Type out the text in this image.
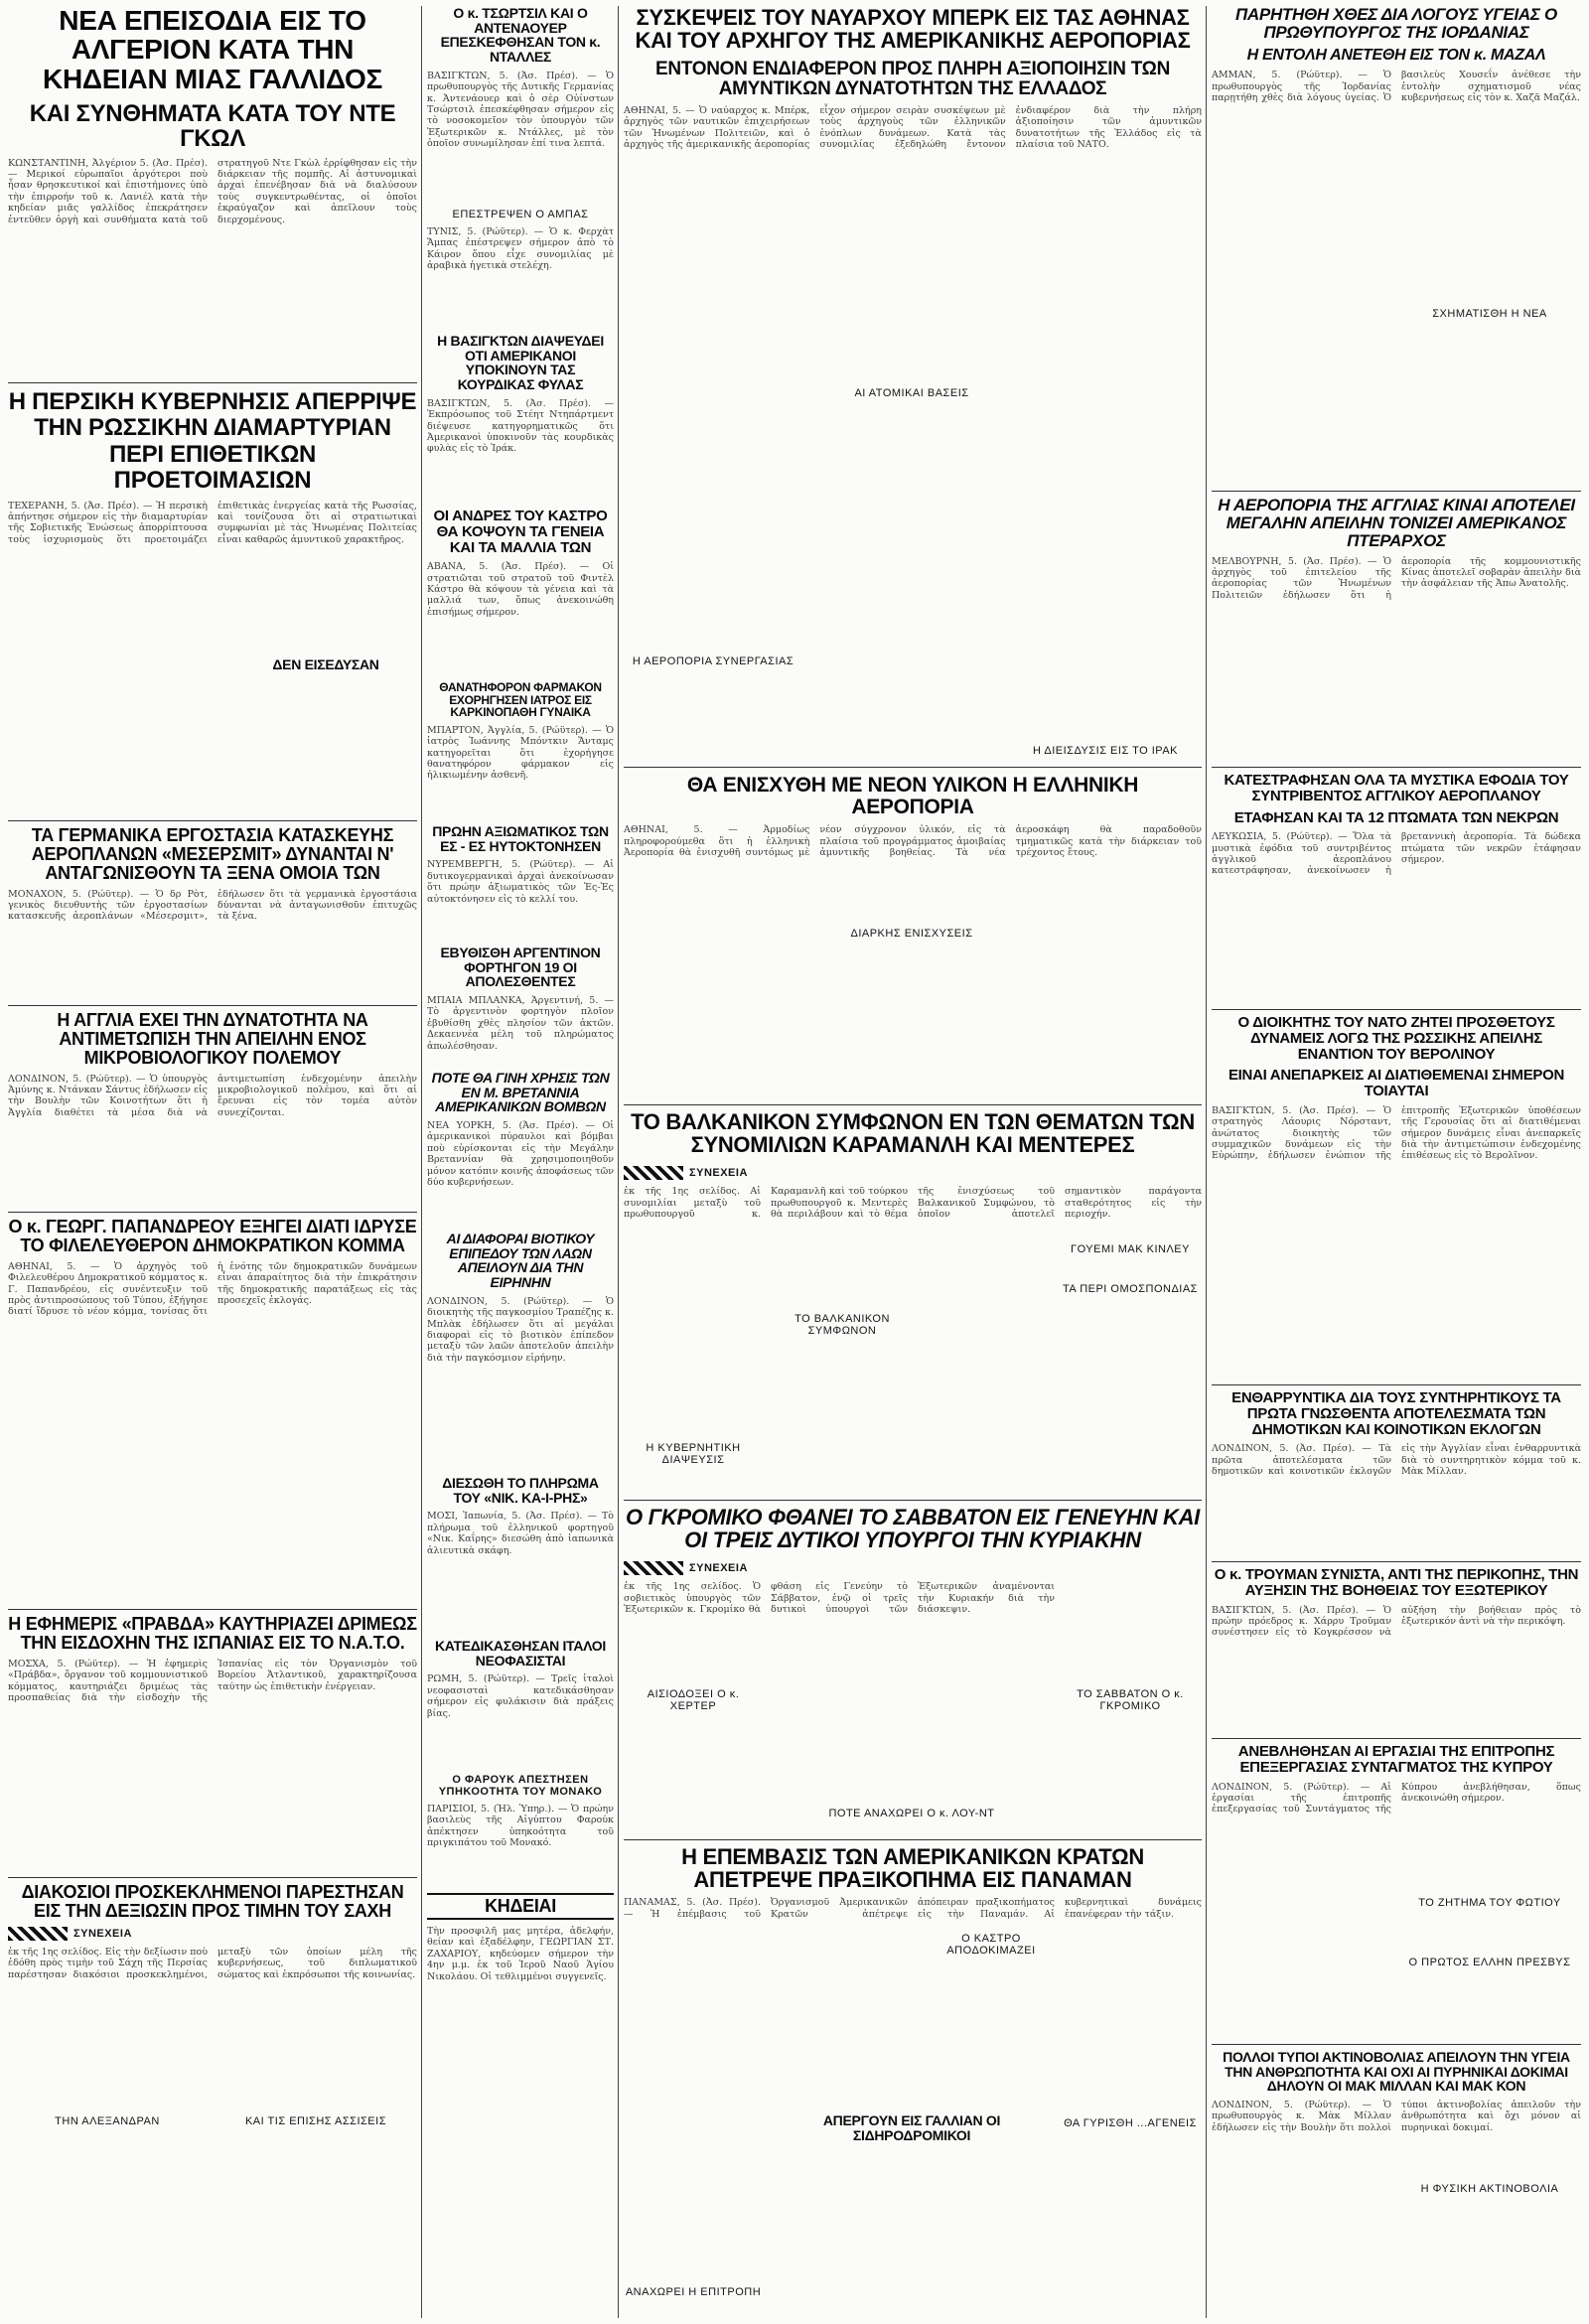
ΝΕΑ ΕΠΕΙΣΟΔΙΑ ΕΙΣ ΤΟ ΑΛΓΕΡΙΟΝ ΚΑΤΑ ΤΗΝ ΚΗΔΕΙΑΝ ΜΙΑΣ ΓΑΛΛΙΔΟΣ
ΚΑΙ ΣΥΝΘΗΜΑΤΑ ΚΑΤΑ ΤΟΥ ΝΤΕ ΓΚΩΛ
ΚΩΝΣΤΑΝΤΙΝΗ, Ἀλγέριον 5. (Ἀσ. Πρέσ). — Μερικοί εὐρωπαῖοι ἀργότεροι ποὺ ἦσαν θρησκευτικοί καὶ ἐπιστήμονες ὑπὸ τὴν ἐπιρροήν τοῦ κ. Λανιέλ κατὰ τὴν κηδείαν μιᾶς γαλλίδος ἐπεκράτησεν ἐντεῦθεν ὀργὴ καὶ συνθήματα κατὰ τοῦ στρατηγοῦ Ντε Γκὼλ ἐρρίφθησαν εἰς τὴν διάρκειαν τῆς πομπῆς. Αἱ ἀστυνομικαὶ ἀρχαὶ ἐπενέβησαν διὰ νὰ διαλύσουν τοὺς συγκεντρωθέντας, οἱ ὁποῖοι ἐκραύγαζον καὶ ἀπεῖλουν τοὺς διερχομένους.
Η ΠΕΡΣΙΚΗ ΚΥΒΕΡΝΗΣΙΣ ΑΠΕΡΡΙΨΕ ΤΗΝ ΡΩΣΣΙΚΗΝ ΔΙΑΜΑΡΤΥΡΙΑΝ ΠΕΡΙ ΕΠΙΘΕΤΙΚΩΝ ΠΡΟΕΤΟΙΜΑΣΙΩΝ
ΤΕΧΕΡΑΝΗ, 5. (Ἀσ. Πρέσ). — Ἡ περσικὴ ἀπήντησε σήμερον εἰς τὴν διαμαρτυρίαν τῆς Σοβιετικῆς Ἑνώσεως ἀπορρίπτουσα τοὺς ἰσχυρισμοὺς ὅτι προετοιμάζει ἐπιθετικὰς ἐνεργείας κατὰ τῆς Ρωσσίας, καὶ τονίζουσα ὅτι αἱ στρατιωτικαὶ συμφωνίαι μὲ τὰς Ἡνωμένας Πολιτείας εἶναι καθαρῶς ἀμυντικοῦ χαρακτῆρος.
ΔΕΝ ΕΙΣΕΔΥΣΑΝ
ΤΑ ΓΕΡΜΑΝΙΚΑ ΕΡΓΟΣΤΑΣΙΑ ΚΑΤΑΣΚΕΥΗΣ ΑΕΡΟΠΛΑΝΩΝ «ΜΕΣΕΡΣΜΙΤ» ΔΥΝΑΝΤΑΙ Ν' ΑΝΤΑΓΩΝΙΣΘΟΥΝ ΤΑ ΞΕΝΑ ΟΜΟΙΑ ΤΩΝ
ΜΟΝΑΧΟΝ, 5. (Ρώϋτερ). — Ὁ δρ Ρὸτ, γενικὸς διευθυντὴς τῶν ἐργοστασίων κατασκευῆς ἀεροπλάνων «Μέσερσμιτ», ἐδήλωσεν ὅτι τὰ γερμανικὰ ἐργοστάσια δύνανται νὰ ἀνταγωνισθοῦν ἐπιτυχῶς τὰ ξένα.
Η ΑΓΓΛΙΑ ΕΧΕΙ ΤΗΝ ΔΥΝΑΤΟΤΗΤΑ ΝΑ ΑΝΤΙΜΕΤΩΠΙΣΗ ΤΗΝ ΑΠΕΙΛΗΝ ΕΝΟΣ ΜΙΚΡΟΒΙΟΛΟΓΙΚΟΥ ΠΟΛΕΜΟΥ
ΛΟΝΔΙΝΟΝ, 5. (Ρώϋτερ). — Ὁ ὑπουργὸς Ἀμύνης κ. Ντάνκαν Σάντυς ἐδήλωσεν εἰς τὴν Βουλὴν τῶν Κοινοτήτων ὅτι ἡ Ἀγγλία διαθέτει τὰ μέσα διὰ νὰ ἀντιμετωπίση ἐνδεχομένην ἀπειλὴν μικροβιολογικοῦ πολέμου, καὶ ὅτι αἱ ἔρευναι εἰς τὸν τομέα αὐτὸν συνεχίζονται.
Ο κ. ΓΕΩΡΓ. ΠΑΠΑΝΔΡΕΟΥ ΕΞΗΓΕΙ ΔΙΑΤΙ ΙΔΡΥΣΕ ΤΟ ΦΙΛΕΛΕΥΘΕΡΟΝ ΔΗΜΟΚΡΑΤΙΚΟΝ ΚΟΜΜΑ
ΑΘΗΝΑΙ, 5. — Ὁ ἀρχηγὸς τοῦ Φιλελευθέρου Δημοκρατικοῦ κόμματος κ. Γ. Παπανδρέου, εἰς συνέντευξιν τοῦ πρὸς ἀντιπροσώπους τοῦ Τύπου, ἐξήγησε διατί ἵδρυσε τὸ νέον κόμμα, τονίσας ὅτι ἡ ἑνότης τῶν δημοκρατικῶν δυνάμεων εἶναι ἀπαραίτητος διὰ τὴν ἐπικράτησιν τῆς δημοκρατικῆς παρατάξεως εἰς τὰς προσεχεῖς ἐκλογάς.
Η ΕΦΗΜΕΡΙΣ «ΠΡΑΒΔΑ» ΚΑΥΤΗΡΙΑΖΕΙ ΔΡΙΜΕΩΣ ΤΗΝ ΕΙΣΔΟΧΗΝ ΤΗΣ ΙΣΠΑΝΙΑΣ ΕΙΣ ΤΟ Ν.Α.Τ.Ο.
ΜΟΣΧΑ, 5. (Ρώϋτερ). — Ἡ ἐφημερὶς «Πράβδα», ὄργανον τοῦ κομμουνιστικοῦ κόμματος, καυτηριάζει δριμέως τὰς προσπαθείας διὰ τὴν εἰσδοχὴν τῆς Ἰσπανίας εἰς τὸν Ὀργανισμὸν τοῦ Βορείου Ἀτλαντικοῦ, χαρακτηρίζουσα ταύτην ὡς ἐπιθετικὴν ἐνέργειαν.
ΔΙΑΚΟΣΙΟΙ ΠΡΟΣΚΕΚΛΗΜΕΝΟΙ ΠΑΡΕΣΤΗΣΑΝ ΕΙΣ ΤΗΝ ΔΕΞΙΩΣΙΝ ΠΡΟΣ ΤΙΜΗΝ ΤΟΥ ΣΑΧΗ
ΣΥΝΕΧΕΙΑ
ἐκ τῆς 1ης σελίδος. Εἰς τὴν δεξίωσιν ποὺ ἐδόθη πρὸς τιμὴν τοῦ Σάχη τῆς Περσίας παρέστησαν διακόσιοι προσκεκλημένοι, μεταξὺ τῶν ὁποίων μέλη τῆς κυβερνήσεως, τοῦ διπλωματικοῦ σώματος καὶ ἐκπρόσωποι τῆς κοινωνίας.
ΤΗΝ ΑΛΕΞΑΝΔΡΑΝ	ΚΑΙ ΤΙΣ ΕΠΙΣΗΣ ΑΣΣΙΣΕΙΣ
Ο κ. ΤΣΩΡΤΣΙΛ ΚΑΙ Ο ΑΝΤΕΝΑΟΥΕΡ ΕΠΕΣΚΕΦΘΗΣΑΝ ΤΟΝ κ. ΝΤΑΛΛΕΣ
ΒΑΣΙΓΚΤΩΝ, 5. (Ἀσ. Πρέσ). — Ὁ πρωθυπουργὸς τῆς Δυτικῆς Γερμανίας κ. Ἀντενάουερ καὶ ὁ σὲρ Οὐίνστων Τσώρτσιλ ἐπεσκέφθησαν σήμερον εἰς τὸ νοσοκομεῖον τὸν ὑπουργὸν τῶν Ἐξωτερικῶν κ. Ντάλλες, μὲ τὸν ὁποῖον συνωμίλησαν ἐπί τινα λεπτά.
ΕΠΕΣΤΡΕΨΕΝ Ο ΑΜΠΑΣ
ΤΥΝΙΣ, 5. (Ρώϋτερ). — Ὁ κ. Φερχὰτ Ἄμπας ἐπέστρεψεν σήμερον ἀπὸ τὸ Κάιρον ὅπου εἶχε συνομιλίας μὲ ἀραβικὰ ἡγετικὰ στελέχη.
Η ΒΑΣΙΓΚΤΩΝ ΔΙΑΨΕΥΔΕΙ ΟΤΙ ΑΜΕΡΙΚΑΝΟΙ ΥΠΟΚΙΝΟΥΝ ΤΑΣ ΚΟΥΡΔΙΚΑΣ ΦΥΛΑΣ
ΒΑΣΙΓΚΤΩΝ, 5. (Ἀσ. Πρέσ). — Ἐκπρόσωπος τοῦ Στέητ Ντηπάρτμεντ διέψευσε κατηγορηματικῶς ὅτι Ἀμερικανοὶ ὑποκινοῦν τὰς κουρδικὰς φυλὰς εἰς τὸ Ἰράκ.
ΟΙ ΑΝΔΡΕΣ ΤΟΥ ΚΑΣΤΡΟ ΘΑ ΚΟΨΟΥΝ ΤΑ ΓΕΝΕΙΑ ΚΑΙ ΤΑ ΜΑΛΛΙΑ ΤΩΝ
ΑΒΑΝΑ, 5. (Ἀσ. Πρέσ). — Οἱ στρατιῶται τοῦ στρατοῦ τοῦ Φιντὲλ Κάστρο θὰ κόψουν τὰ γένεια καὶ τὰ μαλλιά των, ὅπως ἀνεκοινώθη ἐπισήμως σήμερον.
ΘΑΝΑΤΗΦΟΡΟΝ ΦΑΡΜΑΚΟΝ ΕΧΟΡΗΓΗΣΕΝ ΙΑΤΡΟΣ ΕΙΣ ΚΑΡΚΙΝΟΠΑΘΗ ΓΥΝΑΙΚΑ
ΜΠΑΡΤΟΝ, Ἀγγλία, 5. (Ρώϋτερ). — Ὁ ἰατρὸς Ἰωάννης Μπόντκιν Ἄνταμς κατηγορεῖται ὅτι ἐχορήγησε θανατηφόρον φάρμακον εἰς ἡλικιωμένην ἀσθενῆ.
ΠΡΩΗΝ ΑΞΙΩΜΑΤΙΚΟΣ ΤΩΝ ΕΣ - ΕΣ ΗΥΤΟΚΤΟΝΗΣΕΝ
ΝΥΡΕΜΒΕΡΓΗ, 5. (Ρώϋτερ). — Αἱ δυτικογερμανικαὶ ἀρχαὶ ἀνεκοίνωσαν ὅτι πρώην ἀξιωματικὸς τῶν Ἐς-Ἐς αὐτοκτόνησεν εἰς τὸ κελλί του.
ΕΒΥΘΙΣΘΗ ΑΡΓΕΝΤΙΝΟΝ ΦΟΡΤΗΓΟΝ 19 ΟΙ ΑΠΟΛΕΣΘΕΝΤΕΣ
ΜΠΑΙΑ ΜΠΛΑΝΚΑ, Ἀργεντινή, 5. — Τὸ ἀργεντινὸν φορτηγὸν πλοῖον ἐβυθίσθη χθὲς πλησίον τῶν ἀκτῶν. Δεκαεννέα μέλη τοῦ πληρώματος ἀπωλέσθησαν.
ΠΟΤΕ ΘΑ ΓΙΝΗ ΧΡΗΣΙΣ ΤΩΝ ΕΝ Μ. ΒΡΕΤΑΝΝΙΑ ΑΜΕΡΙΚΑΝΙΚΩΝ ΒΟΜΒΩΝ
ΝΕΑ ΥΟΡΚΗ, 5. (Ἀσ. Πρέσ). — Οἱ ἀμερικανικοὶ πύραυλοι καὶ βόμβαι ποὺ εὑρίσκονται εἰς τὴν Μεγάλην Βρεταννίαν θὰ χρησιμοποιηθοῦν μόνον κατόπιν κοινῆς ἀποφάσεως τῶν δύο κυβερνήσεων.
ΑΙ ΔΙΑΦΟΡΑΙ ΒΙΟΤΙΚΟΥ ΕΠΙΠΕΔΟΥ ΤΩΝ ΛΑΩΝ ΑΠΕΙΛΟΥΝ ΔΙΑ ΤΗΝ ΕΙΡΗΝΗΝ
ΛΟΝΔΙΝΟΝ, 5. (Ρώϋτερ). — Ὁ διοικητὴς τῆς παγκοσμίου Τραπέζης κ. Μπλὰκ ἐδήλωσεν ὅτι αἱ μεγάλαι διαφοραὶ εἰς τὸ βιοτικὸν ἐπίπεδον μεταξὺ τῶν λαῶν ἀποτελοῦν ἀπειλὴν διὰ τὴν παγκόσμιον εἰρήνην.
ΔΙΕΣΩΘΗ ΤΟ ΠΛΗΡΩΜΑ ΤΟΥ «ΝΙΚ. ΚΑ-Ι-ΡΗΣ»
ΜΟΣΙ, Ἰαπωνία, 5. (Ἀσ. Πρέσ). — Τὸ πλήρωμα τοῦ ἑλληνικοῦ φορτηγοῦ «Νικ. Καΐρης» διεσώθη ἀπὸ ἰαπωνικὰ ἁλιευτικὰ σκάφη.
ΚΑΤΕΔΙΚΑΣΘΗΣΑΝ ΙΤΑΛΟΙ ΝΕΟΦΑΣΙΣΤΑΙ
ΡΩΜΗ, 5. (Ρώϋτερ). — Τρεῖς ἰταλοὶ νεοφασισταὶ κατεδικάσθησαν σήμερον εἰς φυλάκισιν διὰ πράξεις βίας.
Ο ΦΑΡΟΥΚ ΑΠΕΣΤΗΣΕΝ ΥΠΗΚΟΟΤΗΤΑ ΤΟΥ ΜΟΝΑΚΟ
ΠΑΡΙΣΙΟΙ, 5. (Ἡλ. Ὑπηρ.). — Ὁ πρώην βασιλεὺς τῆς Αἰγύπτου Φαρούκ ἀπέκτησεν ὑπηκοότητα τοῦ πριγκιπάτου τοῦ Μονακό.
ΚΗΔΕΙΑΙ
Τὴν προσφιλῆ μας μητέρα, ἀδελφήν, θείαν καὶ ἐξαδέλφην, ΓΕΩΡΓΙΑΝ ΣΤ. ΖΑΧΑΡΙΟΥ, κηδεύομεν σήμερον τὴν 4ην μ.μ. ἐκ τοῦ Ἱεροῦ Ναοῦ Ἁγίου Νικολάου. Οἱ τεθλιμμένοι συγγενεῖς.
ΣΥΣΚΕΨΕΙΣ ΤΟΥ ΝΑΥΑΡΧΟΥ ΜΠΕΡΚ ΕΙΣ ΤΑΣ ΑΘΗΝΑΣ ΚΑΙ ΤΟΥ ΑΡΧΗΓΟΥ ΤΗΣ ΑΜΕΡΙΚΑΝΙΚΗΣ ΑΕΡΟΠΟΡΙΑΣ
ΕΝΤΟΝΟΝ ΕΝΔΙΑΦΕΡΟΝ ΠΡΟΣ ΠΛΗΡΗ ΑΞΙΟΠΟΙΗΣΙΝ ΤΩΝ ΑΜΥΝΤΙΚΩΝ ΔΥΝΑΤΟΤΗΤΩΝ ΤΗΣ ΕΛΛΑΔΟΣ
ΑΘΗΝΑΙ, 5. — Ὁ ναύαρχος κ. Μπέρκ, ἀρχηγὸς τῶν ναυτικῶν ἐπιχειρήσεων τῶν Ἡνωμένων Πολιτειῶν, καὶ ὁ ἀρχηγὸς τῆς ἀμερικανικῆς ἀεροπορίας εἶχον σήμερον σειρὰν συσκέψεων μὲ τοὺς ἀρχηγοὺς τῶν ἑλληνικῶν ἐνόπλων δυνάμεων. Κατὰ τὰς συνομιλίας ἐξεδηλώθη ἔντονον ἐνδιαφέρον διὰ τὴν πλήρη ἀξιοποίησιν τῶν ἀμυντικῶν δυνατοτήτων τῆς Ἑλλάδος εἰς τὰ πλαίσια τοῦ ΝΑΤΟ.
ΑΙ ΑΤΟΜΙΚΑΙ ΒΑΣΕΙΣ
Η ΑΕΡΟΠΟΡΙΑ ΣΥΝΕΡΓΑΣΙΑΣ
Η ΔΙΕΙΣΔΥΣΙΣ ΕΙΣ ΤΟ ΙΡΑΚ
ΘΑ ΕΝΙΣΧΥΘΗ ΜΕ ΝΕΟΝ ΥΛΙΚΟΝ Η ΕΛΛΗΝΙΚΗ ΑΕΡΟΠΟΡΙΑ
ΑΘΗΝΑΙ, 5. — Ἀρμοδίως πληροφορούμεθα ὅτι ἡ ἑλληνικὴ Ἀεροπορία θὰ ἐνισχυθῆ συντόμως μὲ νέον σύγχρονον ὑλικόν, εἰς τὰ πλαίσια τοῦ προγράμματος ἀμοιβαίας ἀμυντικῆς βοηθείας. Τὰ νέα ἀεροσκάφη θὰ παραδοθοῦν τμηματικῶς κατὰ τὴν διάρκειαν τοῦ τρέχοντος ἔτους.
ΔΙΑΡΚΗΣ ΕΝΙΣΧΥΣΕΙΣ
ΤΟ ΒΑΛΚΑΝΙΚΟΝ ΣΥΜΦΩΝΟΝ ΕΝ ΤΩΝ ΘΕΜΑΤΩΝ ΤΩΝ ΣΥΝΟΜΙΛΙΩΝ ΚΑΡΑΜΑΝΛΗ ΚΑΙ ΜΕΝΤΕΡΕΣ
ΣΥΝΕΧΕΙΑ
ἐκ τῆς 1ης σελίδος. Αἱ συνομιλίαι μεταξὺ τοῦ πρωθυπουργοῦ κ. Καραμανλῆ καὶ τοῦ τούρκου πρωθυπουργοῦ κ. Μεντερὲς θὰ περιλάβουν καὶ τὸ θέμα τῆς ἐνισχύσεως τοῦ Βαλκανικοῦ Συμφώνου, τὸ ὁποῖον ἀποτελεῖ σημαντικὸν παράγοντα σταθερότητος εἰς τὴν περιοχήν.
ΤΟ ΒΑΛΚΑΝΙΚΟΝ ΣΥΜΦΩΝΟΝ
Η ΚΥΒΕΡΝΗΤΙΚΗ ΔΙΑΨΕΥΣΙΣ
ΓΟΥΕΜΙ ΜΑΚ ΚΙΝΛΕΥ
ΤΑ ΠΕΡΙ ΟΜΟΣΠΟΝΔΙΑΣ
Ο ΓΚΡΟΜΙΚΟ ΦΘΑΝΕΙ ΤΟ ΣΑΒΒΑΤΟΝ ΕΙΣ ΓΕΝΕΥΗΝ ΚΑΙ ΟΙ ΤΡΕΙΣ ΔΥΤΙΚΟΙ ΥΠΟΥΡΓΟΙ ΤΗΝ ΚΥΡΙΑΚΗΝ
ΣΥΝΕΧΕΙΑ
ἐκ τῆς 1ης σελίδος. Ὁ σοβιετικὸς ὑπουργὸς τῶν Ἐξωτερικῶν κ. Γκρομίκο θὰ φθάση εἰς Γενεύην τὸ Σάββατον, ἐνῷ οἱ τρεῖς δυτικοὶ ὑπουργοὶ τῶν Ἐξωτερικῶν ἀναμένονται τὴν Κυριακήν διὰ τὴν διάσκεψιν.
ΑΙΣΙΟΔΟΞΕΙ Ο κ. ΧΕΡΤΕΡ
ΤΟ ΣΑΒΒΑΤΟΝ Ο κ. ΓΚΡΟΜΙΚΟ
ΠΟΤΕ ΑΝΑΧΩΡΕΙ Ο κ. ΛΟΥ-ΝΤ
Η ΕΠΕΜΒΑΣΙΣ ΤΩΝ ΑΜΕΡΙΚΑΝΙΚΩΝ ΚΡΑΤΩΝ ΑΠΕΤΡΕΨΕ ΠΡΑΞΙΚΟΠΗΜΑ ΕΙΣ ΠΑΝΑΜΑΝ
ΠΑΝΑΜΑΣ, 5. (Ἀσ. Πρέσ). — Ἡ ἐπέμβασις τοῦ Ὀργανισμοῦ Ἀμερικανικῶν Κρατῶν ἀπέτρεψε ἀπόπειραν πραξικοπήματος εἰς τὴν Παναμάν. Αἱ κυβερνητικαὶ δυνάμεις ἐπανέφεραν τὴν τάξιν.
Ο ΚΑΣΤΡΟ ΑΠΟΔΟΚΙΜΑΖΕΙ
ΑΠΕΡΓΟΥΝ ΕΙΣ ΓΑΛΛΙΑΝ ΟΙ ΣΙΔΗΡΟΔΡΟΜΙΚΟΙ
ΑΝΑΧΩΡΕΙ Η ΕΠΙΤΡΟΠΗ
ΘΑ ΓΥΡΙΣΘΗ ...ΑΓΕΝΕΙΣ
ΠΑΡΗΤΗΘΗ ΧΘΕΣ ΔΙΑ ΛΟΓΟΥΣ ΥΓΕΙΑΣ Ο ΠΡΩΘΥΠΟΥΡΓΟΣ ΤΗΣ ΙΟΡΔΑΝΙΑΣ
Η ΕΝΤΟΛΗ ΑΝΕΤΕΘΗ ΕΙΣ ΤΟΝ κ. ΜΑΖΑΛ
ΑΜΜΑΝ, 5. (Ρώϋτερ). — Ὁ πρωθυπουργὸς τῆς Ἰορδανίας παρῃτήθη χθὲς διὰ λόγους ὑγείας. Ὁ βασιλεὺς Χουσεΐν ἀνέθεσε τὴν ἐντολὴν σχηματισμοῦ νέας κυβερνήσεως εἰς τὸν κ. Χαζᾶ Μαζάλ.
ΣΧΗΜΑΤΙΣΘΗ Η ΝΕΑ
Η ΑΕΡΟΠΟΡΙΑ ΤΗΣ ΑΓΓΛΙΑΣ ΚΙΝΑΙ ΑΠΟΤΕΛΕΙ ΜΕΓΑΛΗΝ ΑΠΕΙΛΗΝ ΤΟΝΙΖΕΙ ΑΜΕΡΙΚΑΝΟΣ ΠΤΕΡΑΡΧΟΣ
ΜΕΛΒΟΥΡΝΗ, 5. (Ἀσ. Πρέσ). — Ὁ ἀρχηγὸς τοῦ ἐπιτελείου τῆς ἀεροπορίας τῶν Ἡνωμένων Πολιτειῶν ἐδήλωσεν ὅτι ἡ ἀεροπορία τῆς κομμουνιστικῆς Κίνας ἀποτελεῖ σοβαρὰν ἀπειλὴν διὰ τὴν ἀσφάλειαν τῆς Ἀπω Ἀνατολῆς.
ΚΑΤΕΣΤΡΑΦΗΣΑΝ ΟΛΑ ΤΑ ΜΥΣΤΙΚΑ ΕΦΟΔΙΑ ΤΟΥ ΣΥΝΤΡΙΒΕΝΤΟΣ ΑΓΓΛΙΚΟΥ ΑΕΡΟΠΛΑΝΟΥ
ΕΤΑΦΗΣΑΝ ΚΑΙ ΤΑ 12 ΠΤΩΜΑΤΑ ΤΩΝ ΝΕΚΡΩΝ
ΛΕΥΚΩΣΙΑ, 5. (Ρώϋτερ). — Ὅλα τὰ μυστικὰ ἐφόδια τοῦ συντριβέντος ἀγγλικοῦ ἀεροπλάνου κατεστράφησαν, ἀνεκοίνωσεν ἡ βρεταννικὴ ἀεροπορία. Τὰ δώδεκα πτώματα τῶν νεκρῶν ἐτάφησαν σήμερον.
Ο ΔΙΟΙΚΗΤΗΣ ΤΟΥ ΝΑΤΟ ΖΗΤΕΙ ΠΡΟΣΘΕΤΟΥΣ ΔΥΝΑΜΕΙΣ ΛΟΓΩ ΤΗΣ ΡΩΣΣΙΚΗΣ ΑΠΕΙΛΗΣ ΕΝΑΝΤΙΟΝ ΤΟΥ ΒΕΡΟΛΙΝΟΥ
ΕΙΝΑΙ ΑΝΕΠΑΡΚΕΙΣ ΑΙ ΔΙΑΤΙΘΕΜΕΝΑΙ ΣΗΜΕΡΟΝ ΤΟΙΑΥΤΑΙ
ΒΑΣΙΓΚΤΩΝ, 5. (Ἀσ. Πρέσ). — Ὁ στρατηγὸς Λάουρις Νόρσταντ, ἀνώτατος διοικητὴς τῶν συμμαχικῶν δυνάμεων εἰς τὴν Εὐρώπην, ἐδήλωσεν ἐνώπιον τῆς ἐπιτροπῆς Ἐξωτερικῶν ὑποθέσεων τῆς Γερουσίας ὅτι αἱ διατιθέμεναι σήμερον δυνάμεις εἶναι ἀνεπαρκεῖς διὰ τὴν ἀντιμετώπισιν ἐνδεχομένης ἐπιθέσεως εἰς τὸ Βερολῖνον.
ΕΝΘΑΡΡΥΝΤΙΚΑ ΔΙΑ ΤΟΥΣ ΣΥΝΤΗΡΗΤΙΚΟΥΣ ΤΑ ΠΡΩΤΑ ΓΝΩΣΘΕΝΤΑ ΑΠΟΤΕΛΕΣΜΑΤΑ ΤΩΝ ΔΗΜΟΤΙΚΩΝ ΚΑΙ ΚΟΙΝΟΤΙΚΩΝ ΕΚΛΟΓΩΝ
ΛΟΝΔΙΝΟΝ, 5. (Ἀσ. Πρέσ). — Τὰ πρῶτα ἀποτελέσματα τῶν δημοτικῶν καὶ κοινοτικῶν ἐκλογῶν εἰς τὴν Ἀγγλίαν εἶναι ἐνθαρρυντικὰ διὰ τὸ συντηρητικὸν κόμμα τοῦ κ. Μὰκ Μίλλαν.
Ο κ. ΤΡΟΥΜΑΝ ΣΥΝΙΣΤΑ, ΑΝΤΙ ΤΗΣ ΠΕΡΙΚΟΠΗΣ, ΤΗΝ ΑΥΞΗΣΙΝ ΤΗΣ ΒΟΗΘΕΙΑΣ ΤΟΥ ΕΞΩΤΕΡΙΚΟΥ
ΒΑΣΙΓΚΤΩΝ, 5. (Ἀσ. Πρέσ). — Ὁ πρώην πρόεδρος κ. Χάρρυ Τροῦμαν συνέστησεν εἰς τὸ Κογκρέσσον νὰ αὐξήση τὴν βοήθειαν πρὸς τὸ ἐξωτερικόν ἀντὶ νὰ τὴν περικόψη.
ΑΝΕΒΛΗΘΗΣΑΝ ΑΙ ΕΡΓΑΣΙΑΙ ΤΗΣ ΕΠΙΤΡΟΠΗΣ ΕΠΕΞΕΡΓΑΣΙΑΣ ΣΥΝΤΑΓΜΑΤΟΣ ΤΗΣ ΚΥΠΡΟΥ
ΛΟΝΔΙΝΟΝ, 5. (Ρώϋτερ). — Αἱ ἐργασίαι τῆς ἐπιτροπῆς ἐπεξεργασίας τοῦ Συντάγματος τῆς Κύπρου ἀνεβλήθησαν, ὅπως ἀνεκοινώθη σήμερον.
ΤΟ ΖΗΤΗΜΑ ΤΟΥ ΦΩΤΙΟΥ
Ο ΠΡΩΤΟΣ ΕΛΛΗΝ ΠΡΕΣΒΥΣ
ΠΟΛΛΟΙ ΤΥΠΟΙ ΑΚΤΙΝΟΒΟΛΙΑΣ ΑΠΕΙΛΟΥΝ ΤΗΝ ΥΓΕΙΑ ΤΗΝ ΑΝΘΡΩΠΟΤΗΤΑ ΚΑΙ ΟΧΙ ΑΙ ΠΥΡΗΝΙΚΑΙ ΔΟΚΙΜΑΙ ΔΗΛΟΥΝ ΟΙ ΜΑΚ ΜΙΛΛΑΝ ΚΑΙ ΜΑΚ ΚΟΝ
ΛΟΝΔΙΝΟΝ, 5. (Ρώϋτερ). — Ὁ πρωθυπουργὸς κ. Μὰκ Μίλλαν ἐδήλωσεν εἰς τὴν Βουλὴν ὅτι πολλοὶ τύποι ἀκτινοβολίας ἀπειλοῦν τὴν ἀνθρωπότητα καὶ ὄχι μόνον αἱ πυρηνικαὶ δοκιμαί.
Η ΦΥΣΙΚΗ ΑΚΤΙΝΟΒΟΛΙΑ
